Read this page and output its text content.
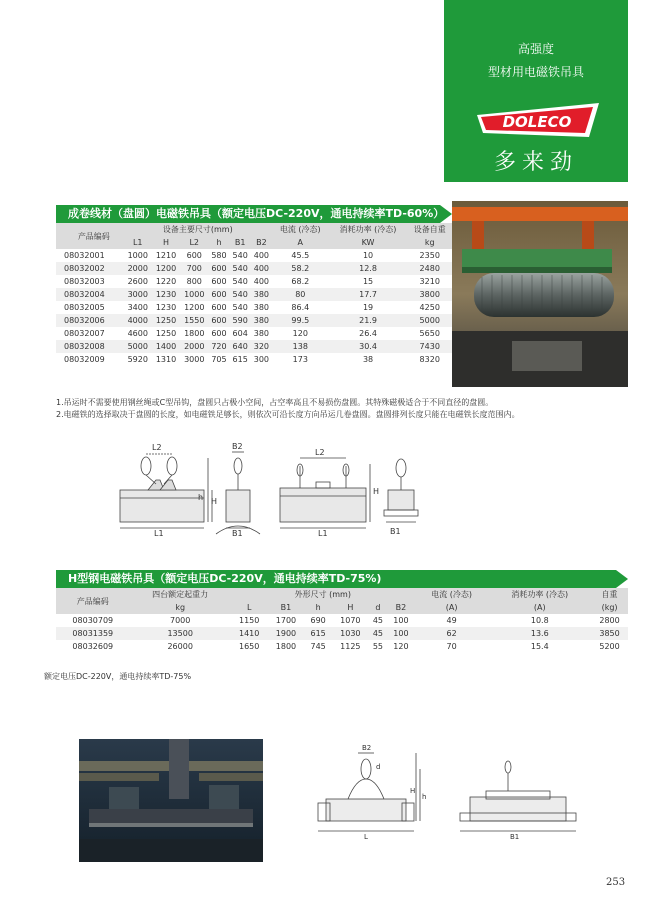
高强度
型材用电磁铁吊具
DOLECO
多来劲
成卷线材（盘圆）电磁铁吊具（额定电压DC-220V，通电持续率TD-60%）
产品编码	设备主要尺寸(mm)						电流 (冷态)	消耗功率 (冷态)	设备自重
	L1	H	L2	h	B1	B2	A	KW	kg
08032001	1000	1210	600	580	540	400	45.5	10	2350
08032002	2000	1200	700	600	540	400	58.2	12.8	2480
08032003	2600	1220	800	600	540	400	68.2	15	3210
08032004	3000	1230	1000	600	540	380	80	17.7	3800
08032005	3400	1230	1200	600	540	380	86.4	19	4250
08032006	4000	1250	1550	600	590	380	99.5	21.9	5000
08032007	4600	1250	1800	600	604	380	120	26.4	5650
08032008	5000	1400	2000	720	640	320	138	30.4	7430
08032009	5920	1310	3000	705	615	300	173	38	8320
1.吊运时不需要使用钢丝绳或C型吊钩，盘圆只占极小空间，占空率高且不易损伤盘圆。其特殊磁极适合于不同直径的盘圆。
2.电磁铁的选择取决于盘圆的长度，如电磁铁足够长，则依次可沿长度方向吊运几卷盘圆。盘圆排列长度只能在电磁铁长度范围内。
L2	B2
H
h
L1	B1
L2
H
L1	B1
H型钢电磁铁吊具（额定电压DC-220V，通电持续率TD-75%)
产品编码	四台额定起重力	外形尺寸 (mm)						电流 (冷态)	消耗功率 (冷态)	自重
	kg	L	B1	h	H	d	B2	(A)	(A)	(kg)
08030709	7000	1150	1700	690	1070	45	100	49	10.8	2800
08031359	13500	1410	1900	615	1030	45	100	62	13.6	3850
08032609	26000	1650	1800	745	1125	55	120	70	15.4	5200
额定电压DC-220V，通电持续率TD-75%
B2
d
H
h
L	B1
253
